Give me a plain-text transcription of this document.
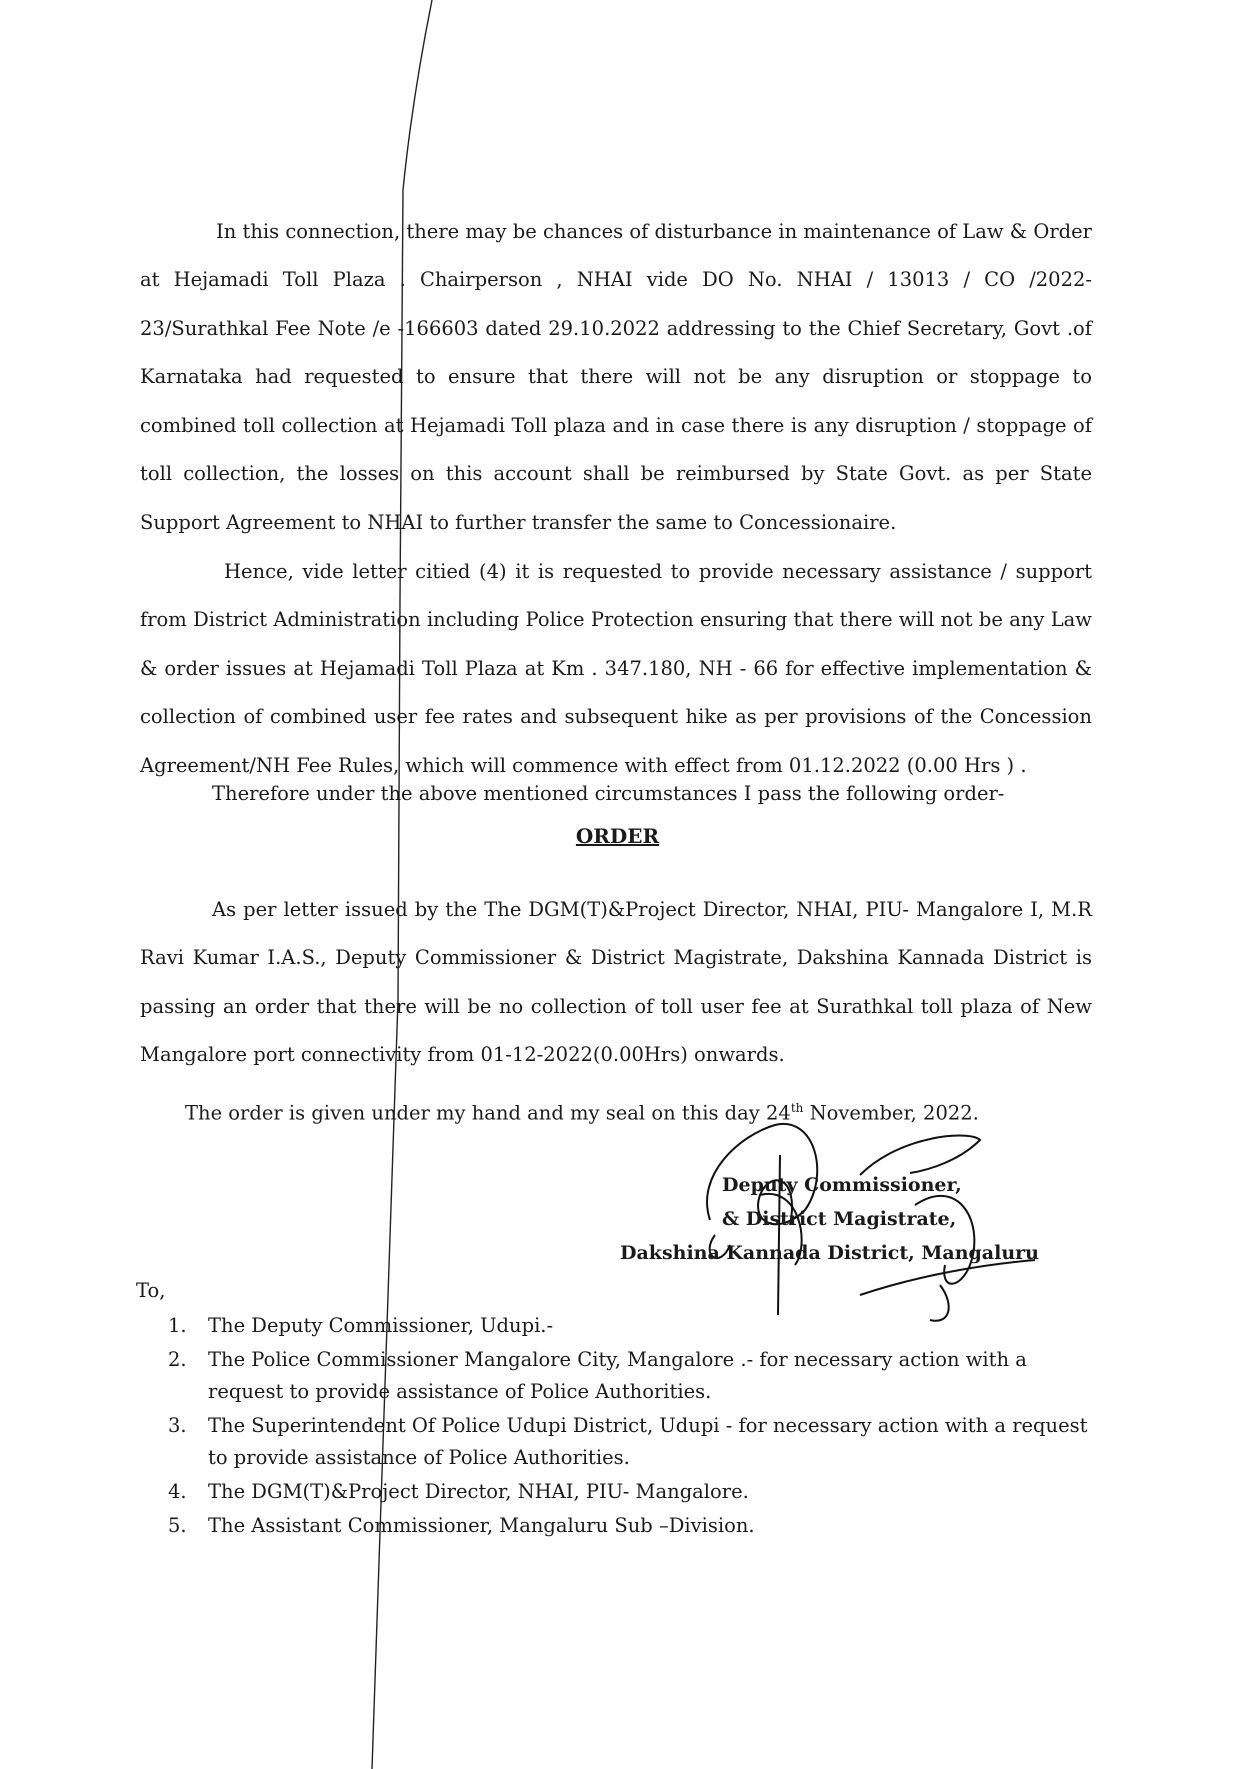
In this connection, there may be chances of disturbance in maintenance of Law & Order at Hejamadi Toll Plaza . Chairperson , NHAI vide DO No. NHAI / 13013 / CO /2022-23/Surathkal Fee Note /e -166603 dated 29.10.2022 addressing to the Chief Secretary, Govt .of Karnataka had requested to ensure that there will not be any disruption or stoppage to combined toll collection at Hejamadi Toll plaza and in case there is any disruption / stoppage of toll collection, the losses on this account shall be reimbursed by State Govt. as per State Support Agreement to NHAI to further transfer the same to Concessionaire.

Hence, vide letter citied (4) it is requested to provide necessary assistance / support from District Administration including Police Protection ensuring that there will not be any Law & order issues at Hejamadi Toll Plaza at Km . 347.180, NH - 66 for effective implementation & collection of combined user fee rates and subsequent hike as per provisions of the Concession Agreement/NH Fee Rules, which will commence with effect from 01.12.2022 (0.00 Hrs ) .

Therefore under the above mentioned circumstances I pass the following order-

ORDER

As per letter issued by the The DGM(T)&Project Director, NHAI, PIU- Mangalore I, M.R Ravi Kumar I.A.S., Deputy Commissioner & District Magistrate, Dakshina Kannada District is passing an order that there will be no collection of toll user fee at Surathkal toll plaza of New Mangalore port connectivity from 01-12-2022(0.00Hrs) onwards.

The order is given under my hand and my seal on this day 24th November, 2022.

Deputy Commissioner,
& District Magistrate,
Dakshina Kannada District, Mangaluru
To,
1.	The Deputy Commissioner, Udupi.-
2.	The Police Commissioner Mangalore City, Mangalore .- for necessary action with a request to provide assistance of Police Authorities.
3.	The Superintendent Of Police Udupi District, Udupi - for necessary action with a request to provide assistance of Police Authorities.
4.	The DGM(T)&Project Director, NHAI, PIU- Mangalore.
5.	The Assistant Commissioner, Mangaluru Sub –Division.
